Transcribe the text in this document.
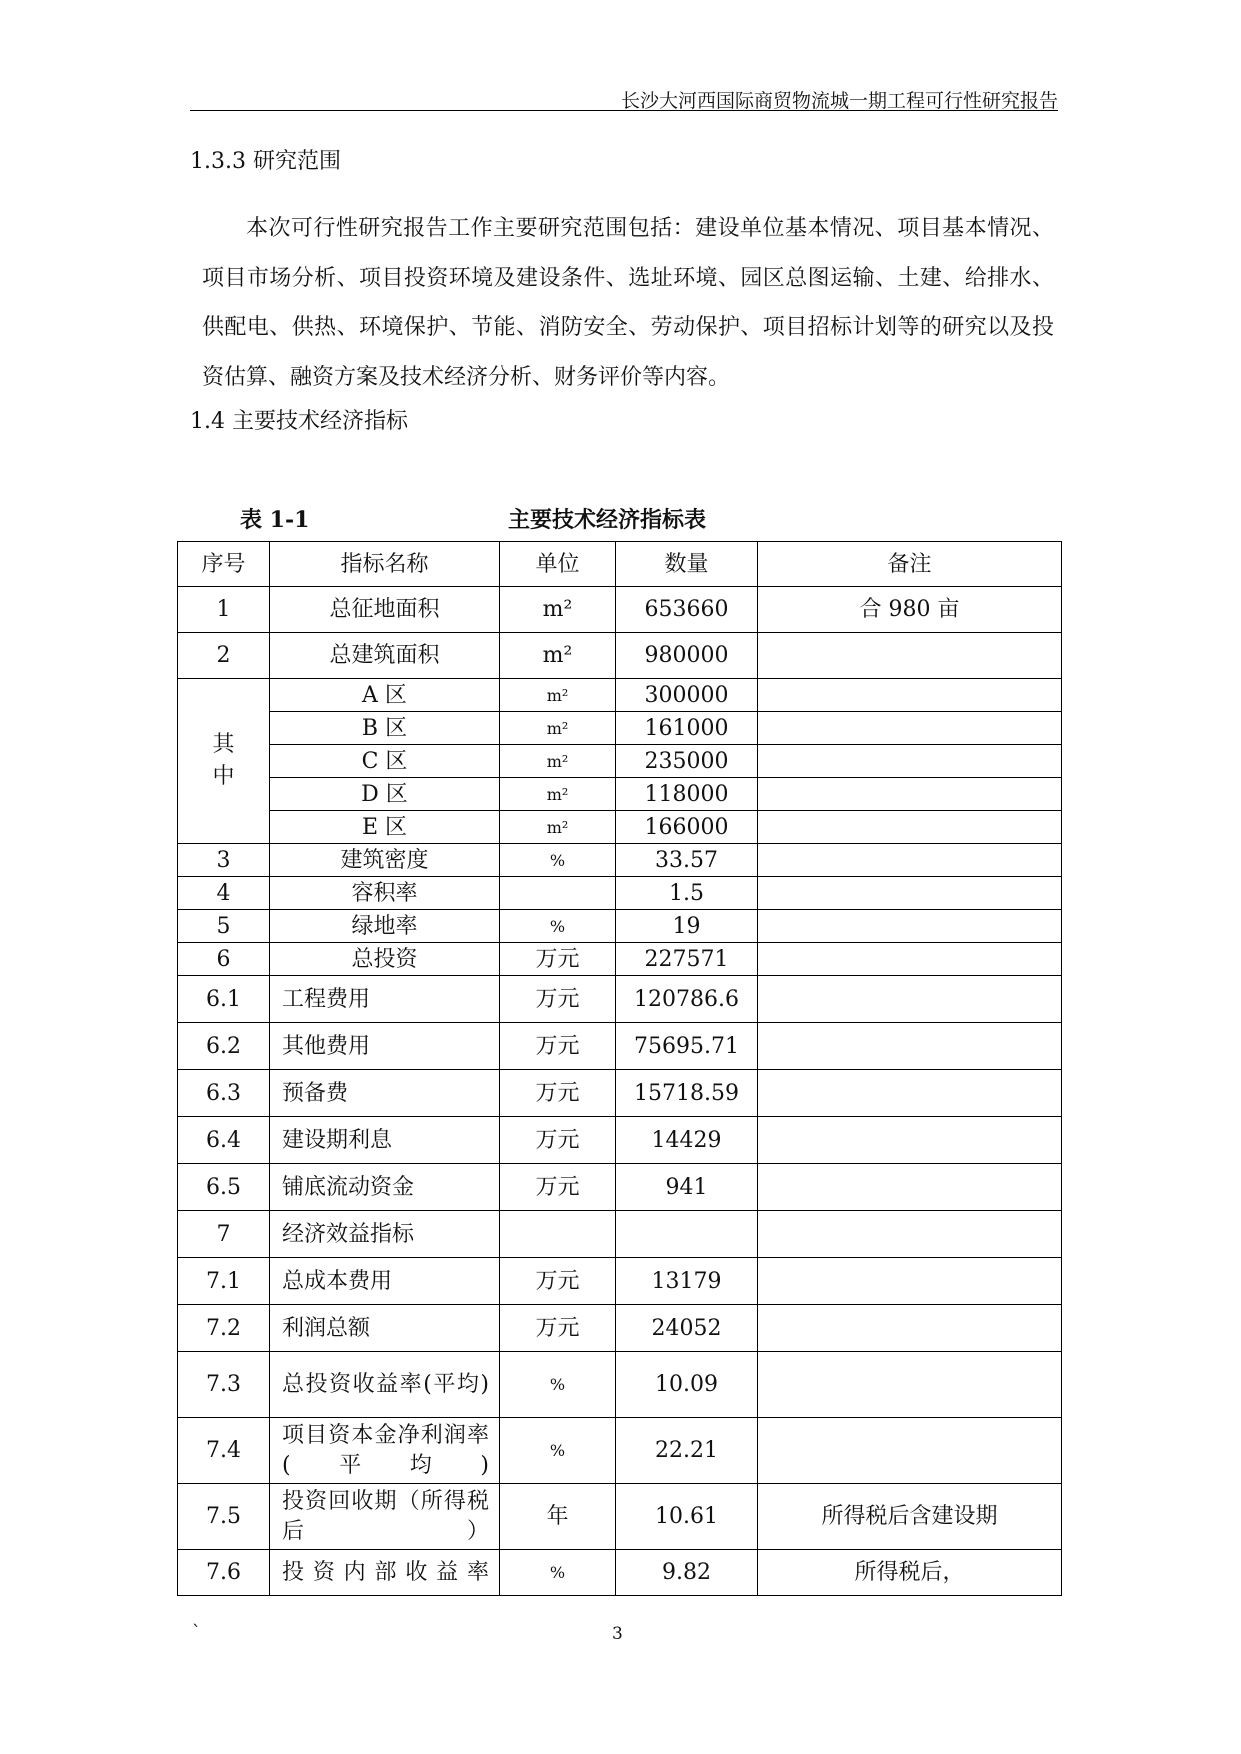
长沙大河西国际商贸物流城一期工程可行性研究报告
1.3.3 研究范围
本次可行性研究报告工作主要研究范围包括：建设单位基本情况、项目基本情况、项目市场分析、项目投资环境及建设条件、选址环境、园区总图运输、土建、给排水、供配电、供热、环境保护、节能、消防安全、劳动保护、项目招标计划等的研究以及投资估算、融资方案及技术经济分析、财务评价等内容。
1.4 主要技术经济指标
表 1-1	主要技术经济指标表
序号	指标名称	单位	数量	备注
1	总征地面积	m²	653660	合 980 亩
2	总建筑面积	m²	980000	
其中	A 区	m²	300000	
	B 区	m²	161000	
	C 区	m²	235000	
	D 区	m²	118000	
	E 区	m²	166000	
3	建筑密度	%	33.57	
4	容积率		1.5	
5	绿地率	%	19	
6	总投资	万元	227571	
6.1	工程费用	万元	120786.6	
6.2	其他费用	万元	75695.71	
6.3	预备费	万元	15718.59	
6.4	建设期利息	万元	14429	
6.5	铺底流动资金	万元	941	
7	经济效益指标			
7.1	总成本费用	万元	13179	
7.2	利润总额	万元	24052	
7.3	总投资收益率(平均)	%	10.09	
7.4	项目资本金净利润率(平均)	%	22.21	
7.5	投资回收期（所得税后）	年	10.61	所得税后含建设期
7.6	投资内部收益率	%	9.82	所得税后，
`	3
